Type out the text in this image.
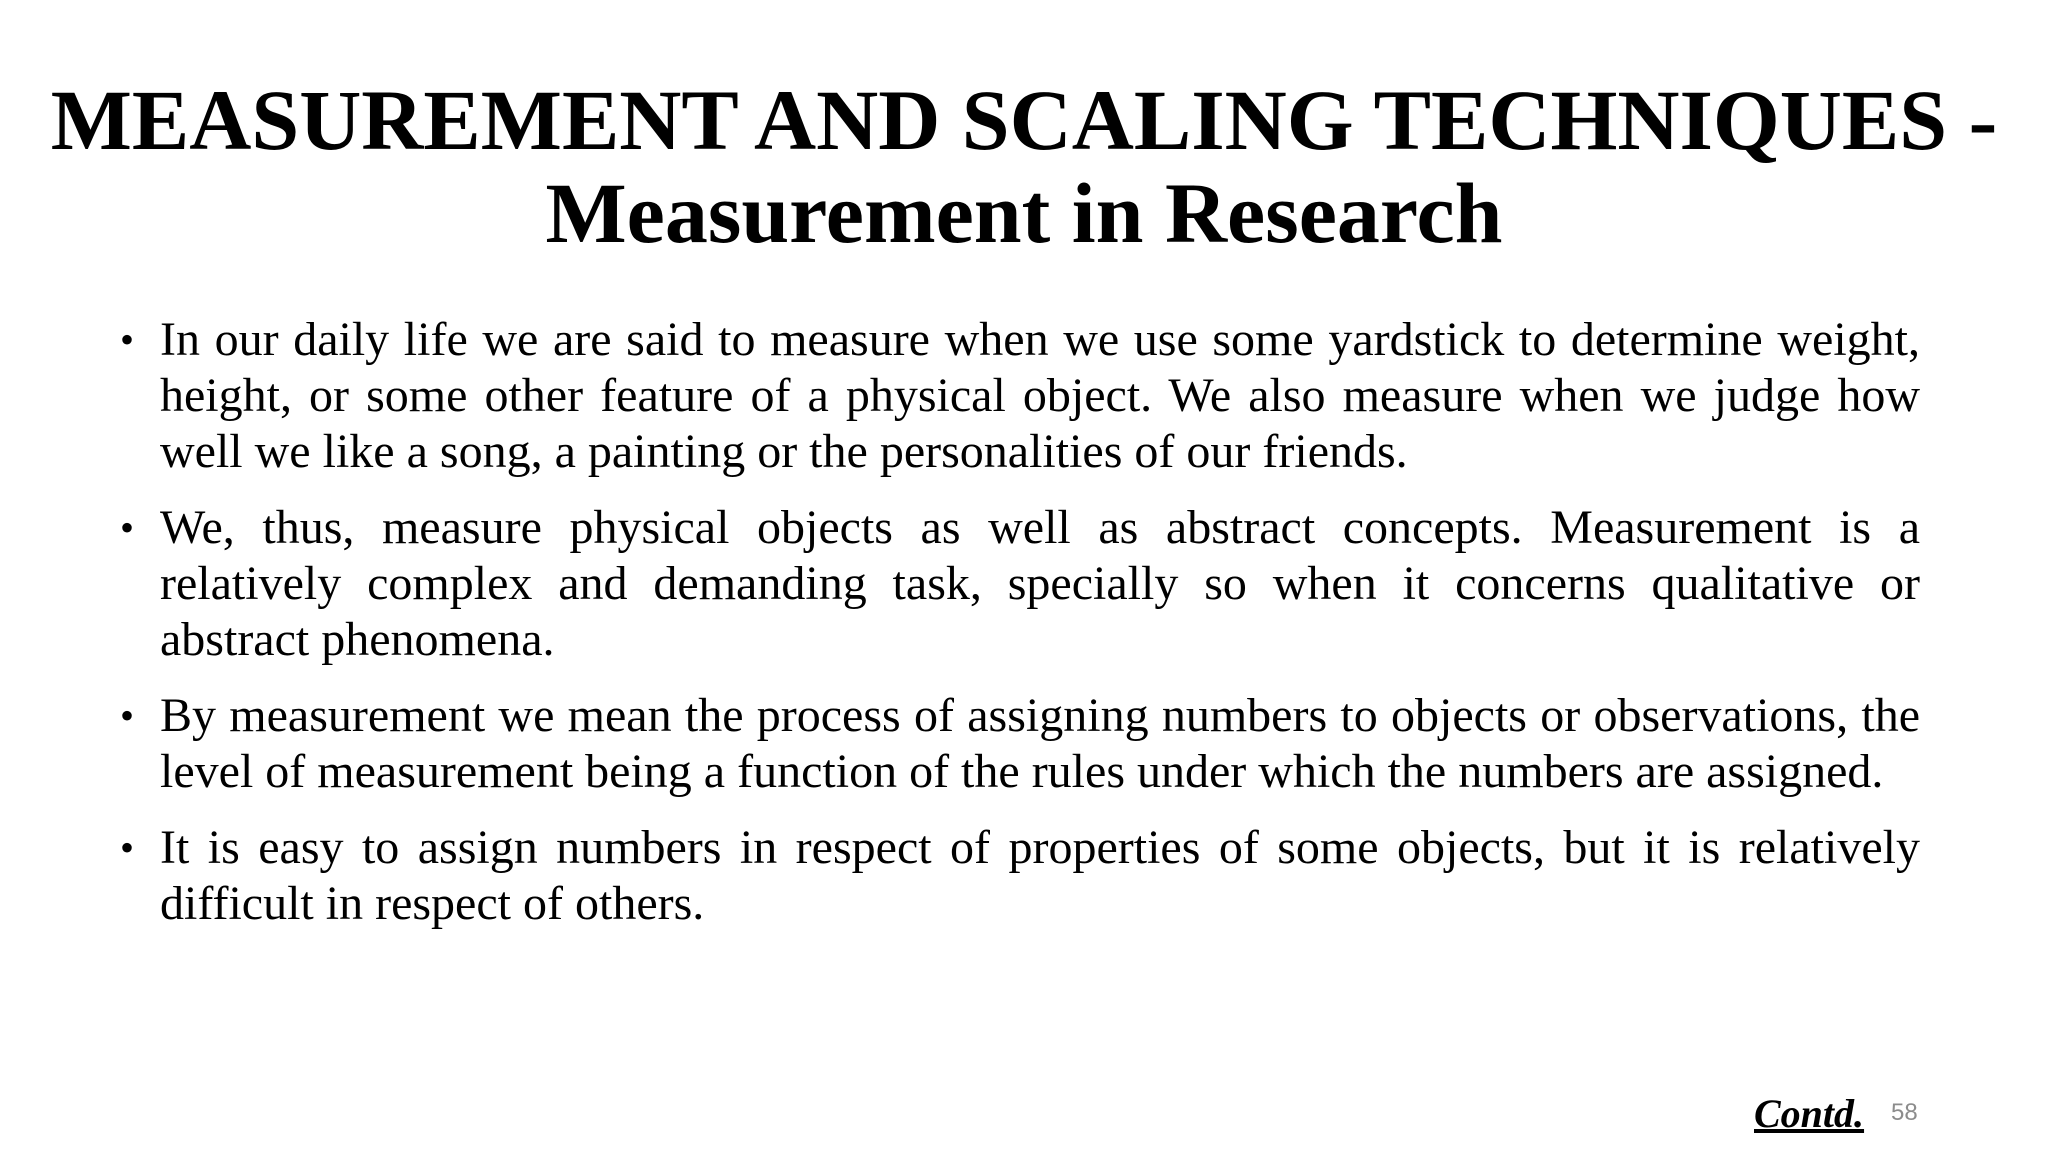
MEASUREMENT AND SCALING TECHNIQUES -
Measurement in Research
• In our daily life we are said to measure when we use some yardstick to determine weight, height, or some other feature of a physical object. We also measure when we judge how well we like a song, a painting or the personalities of our friends.
• We, thus, measure physical objects as well as abstract concepts. Measurement is a relatively complex and demanding task, specially so when it concerns qualitative or abstract phenomena.
• By measurement we mean the process of assigning numbers to objects or observations, the level of measurement being a function of the rules under which the numbers are assigned.
• It is easy to assign numbers in respect of properties of some objects, but it is relatively difficult in respect of others.
Contd. 58
